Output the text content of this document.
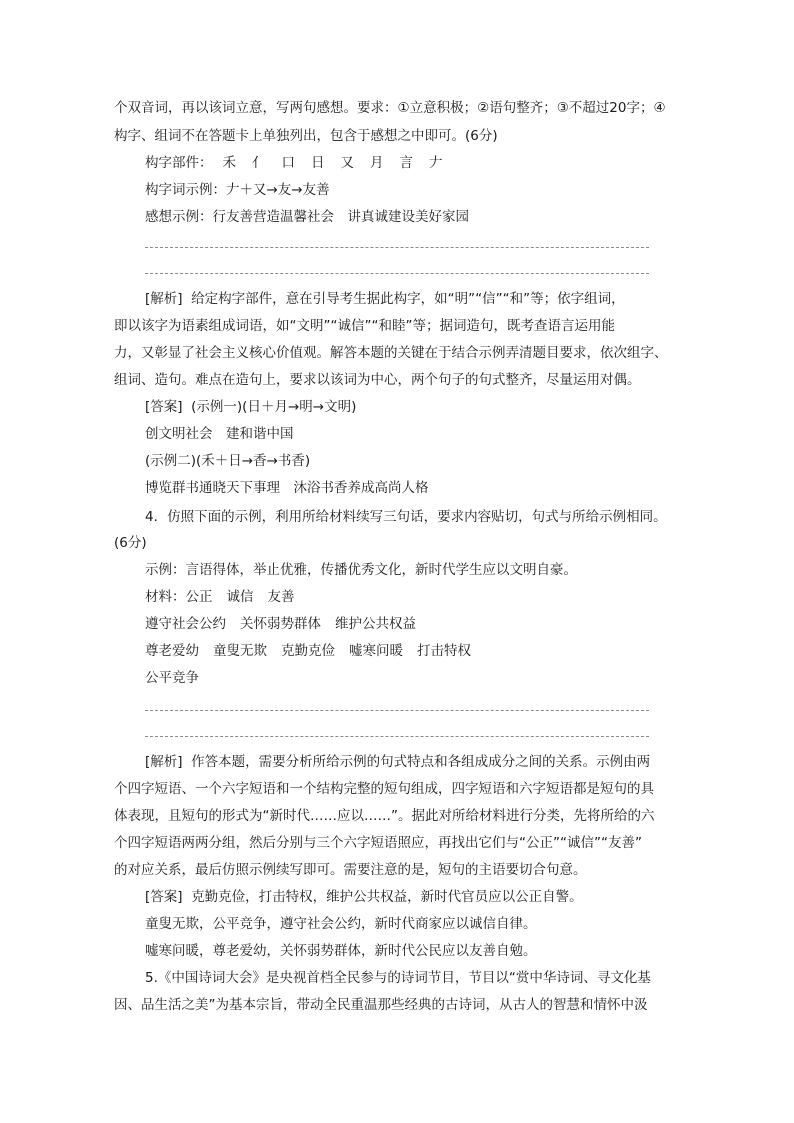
个双音词，再以该词立意，写两句感想。要求：①立意积极；②语句整齐；③不超过20字；④
构字、组词不在答题卡上单独列出，包含于感想之中即可。(6分)
构字部件： 禾 亻 口 日 又 月 言 𠂇
构字词示例：𠂇＋又→友→友善
感想示例：行友善营造温馨社会　讲真诚建设美好家园
[解析] 给定构字部件，意在引导考生据此构字，如“明”“信”“和”等；依字组词，
即以该字为语素组成词语，如“文明”“诚信”“和睦”等；据词造句，既考查语言运用能
力，又彰显了社会主义核心价值观。解答本题的关键在于结合示例弄清题目要求，依次组字、
组词、造句。难点在造句上，要求以该词为中心，两个句子的句式整齐，尽量运用对偶。
[答案] (示例一)(日＋月→明→文明)
创文明社会　建和谐中国
(示例二)(禾＋日→香→书香)
博览群书通晓天下事理　沐浴书香养成高尚人格
4．仿照下面的示例，利用所给材料续写三句话，要求内容贴切，句式与所给示例相同。
(6分)
示例：言语得体，举止优雅，传播优秀文化，新时代学生应以文明自豪。
材料：公正 诚信 友善
遵守社会公约 关怀弱势群体 维护公共权益
尊老爱幼 童叟无欺 克勤克俭 嘘寒问暖 打击特权
公平竞争
[解析] 作答本题，需要分析所给示例的句式特点和各组成成分之间的关系。示例由两
个四字短语、一个六字短语和一个结构完整的短句组成，四字短语和六字短语都是短句的具
体表现，且短句的形式为“新时代……应以……”。据此对所给材料进行分类，先将所给的六
个四字短语两两分组，然后分别与三个六字短语照应，再找出它们与“公正”“诚信”“友善”
的对应关系，最后仿照示例续写即可。需要注意的是，短句的主语要切合句意。
[答案] 克勤克俭，打击特权，维护公共权益，新时代官员应以公正自警。
童叟无欺，公平竞争，遵守社会公约，新时代商家应以诚信自律。
嘘寒问暖，尊老爱幼，关怀弱势群体，新时代公民应以友善自勉。
5.《中国诗词大会》是央视首档全民参与的诗词节目，节目以“赏中华诗词、寻文化基
因、品生活之美”为基本宗旨，带动全民重温那些经典的古诗词，从古人的智慧和情怀中汲
